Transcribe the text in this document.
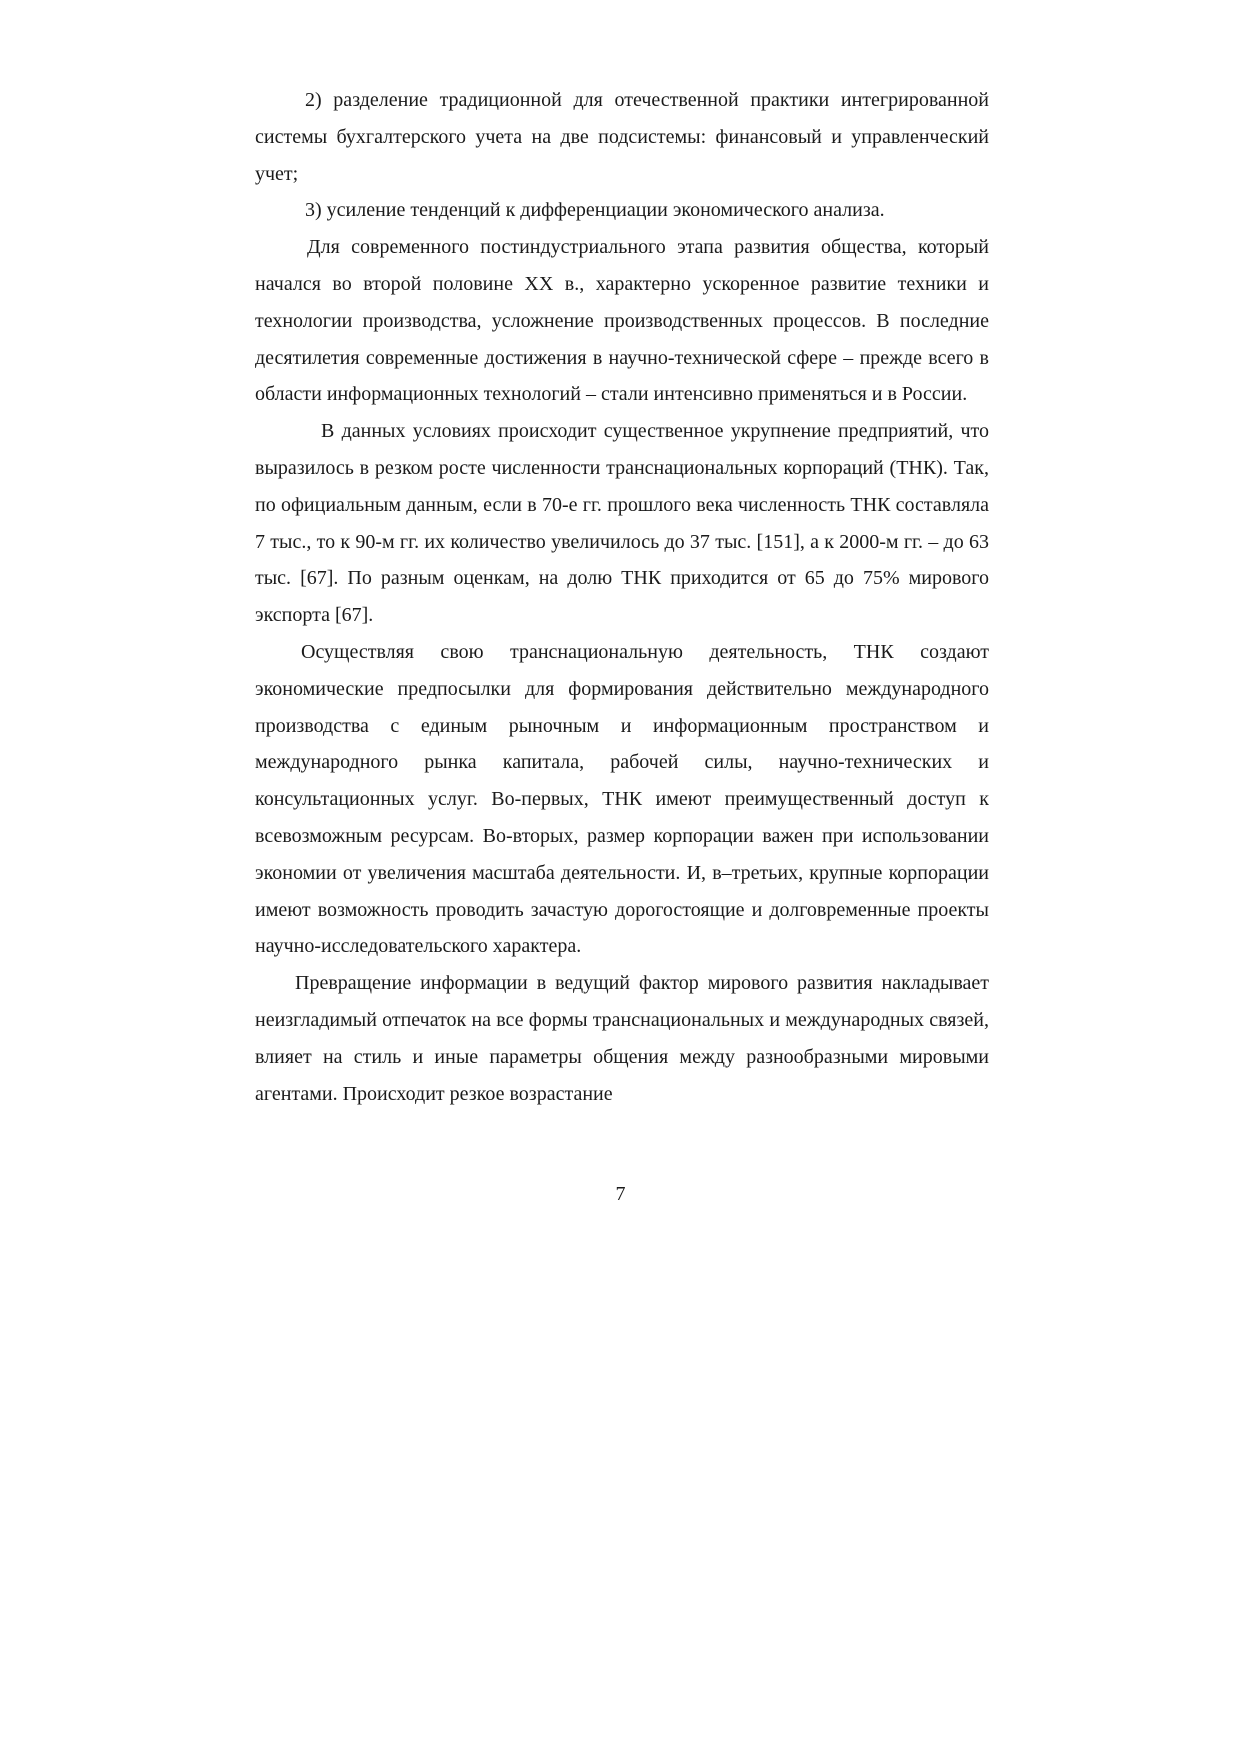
2) разделение традиционной для отечественной практики интегрированной системы бухгалтерского учета на две подсистемы: финансовый и управленческий учет;

3) усиление тенденций к дифференциации экономического анализа.

Для современного постиндустриального этапа развития общества, который начался во второй половине XX в., характерно ускоренное развитие техники и технологии производства, усложнение производственных процессов. В последние десятилетия современные достижения в научно-технической сфере – прежде всего в области информационных технологий – стали интенсивно применяться и в России.

В данных условиях происходит существенное укрупнение предприятий, что выразилось в резком росте численности транснациональных корпораций (ТНК). Так, по официальным данным, если в 70-е гг. прошлого века численность ТНК составляла 7 тыс., то к 90-м гг. их количество увеличилось до 37 тыс. [151], а к 2000-м гг. – до 63 тыс. [67]. По разным оценкам, на долю ТНК приходится от 65 до 75% мирового экспорта [67].

Осуществляя свою транснациональную деятельность, ТНК создают экономические предпосылки для формирования действительно международного производства с единым рыночным и информационным пространством и международного рынка капитала, рабочей силы, научно-технических и консультационных услуг. Во-первых, ТНК имеют преимущественный доступ к всевозможным ресурсам. Во-вторых, размер корпорации важен при использовании экономии от увеличения масштаба деятельности. И, в–третьих, крупные корпорации имеют возможность проводить зачастую дорогостоящие и долговременные проекты научно-исследовательского характера.

Превращение информации в ведущий фактор мирового развития накладывает неизгладимый отпечаток на все формы транснациональных и международных связей, влияет на стиль и иные параметры общения между разнообразными мировыми агентами. Происходит резкое возрастание

7
